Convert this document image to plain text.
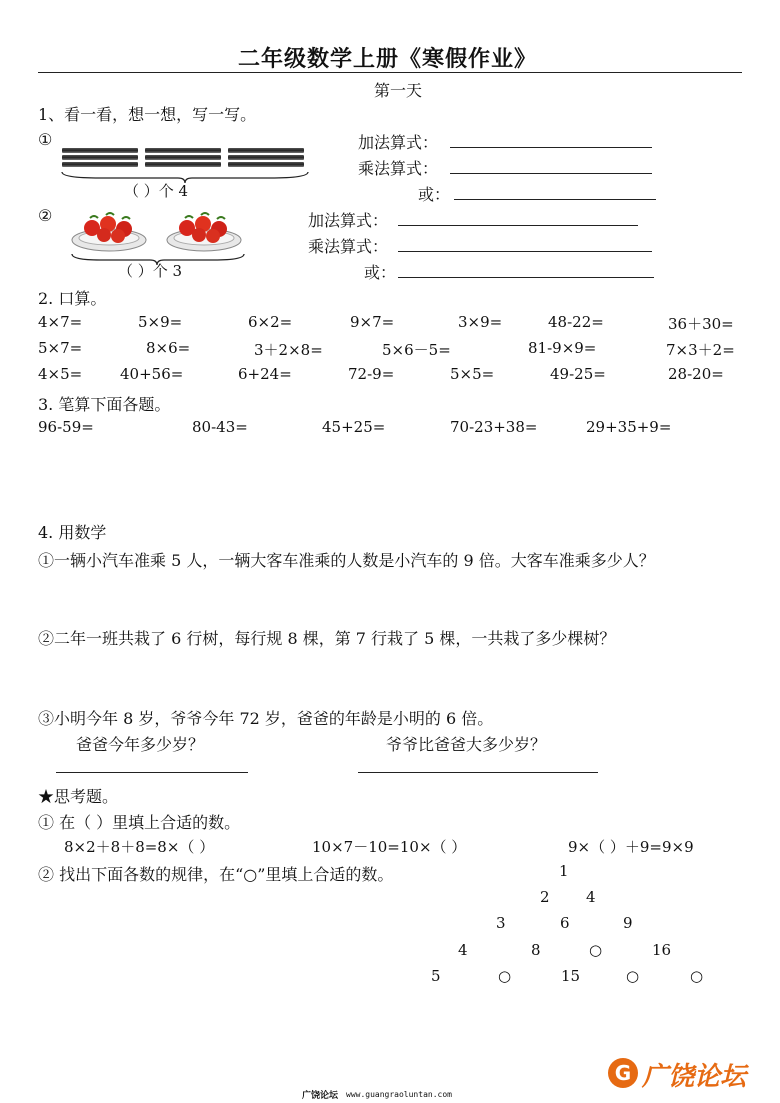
二年级数学上册《寒假作业》
第一天
1、看一看，想一想，写一写。
①
（ ）个 4
加法算式：
乘法算式：
或：
②
（ ）个 3
加法算式：
乘法算式：
或：
2. 口算。
4×7=	5×9=	6×2=	9×7=	3×9=	48-22=	36＋30=
5×7=	8×6=	3＋2×8=	5×6－5=	81-9×9=	7×3＋2=
4×5=	40+56=	6+24=	72-9=	5×5=	49-25=	28-20=
3. 笔算下面各题。
96-59=	80-43=	45+25=	70-23+38=	29+35+9=
4. 用数学
①一辆小汽车准乘 5 人，一辆大客车准乘的人数是小汽车的 9 倍。大客车准乘多少人？
②二年一班共栽了 6 行树，每行规 8 棵，第 7 行栽了 5 棵，一共栽了多少棵树？
③小明今年 8 岁，爷爷今年 72 岁，爸爸的年龄是小明的 6 倍。
爸爸今年多少岁？	爷爷比爸爸大多少岁？
★思考题。
① 在（ ）里填上合适的数。
8×2＋8＋8=8×（ ）	10×7－10=10×（ ）	9×（ ）＋9=9×9
② 找出下面各数的规律，在“○”里填上合适的数。	1
2 4
3	6	9
4	8	○	16
5	○	15	○	○
广饶论坛 www.guangraoluntan.com
G 广饶论坛
